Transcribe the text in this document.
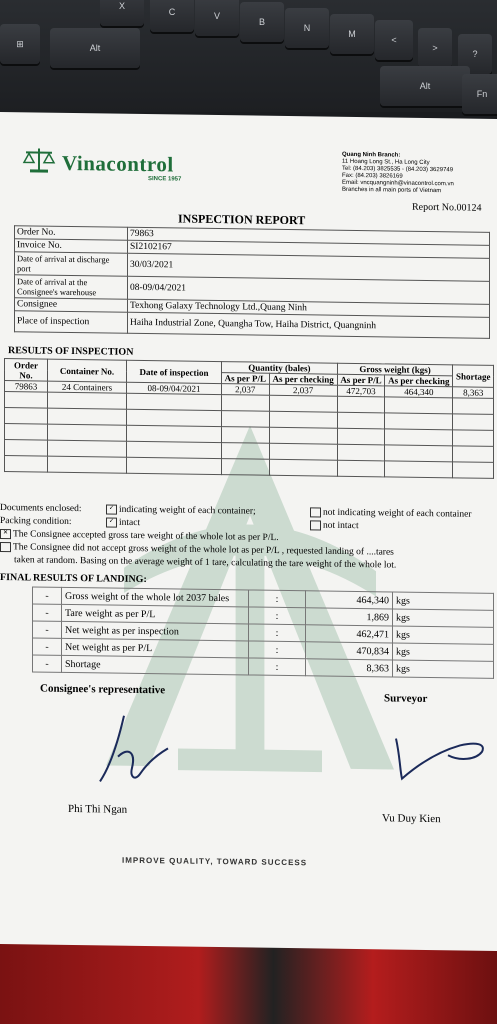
X
C	V
B
N
M
<
>
?
⊞	Alt
Alt
Fn
Vinacontrol
SINCE 1957
Quang Ninh Branch:
11 Hoang Long St., Ha Long City
Tel: (84.203) 3825535 - (84.203) 3629749
Fax: (84.203) 3826169
Email: vncquangninh@vinacontrol.com.vn
Branches in all main ports of Vietnam
Report No.00124
INSPECTION REPORT
Order No.	79863
Invoice No.	SI2102167
Date of arrival at discharge port	30/03/2021
Date of arrival at the Consignee's warehouse	08-09/04/2021
Consignee	Texhong Galaxy Technology Ltd.,Quang Ninh
Place of inspection	Haiha Industrial Zone, Quangha Tow, Haiha District, Quangninh
RESULTS OF INSPECTION
Order No.	Container No.	Date of inspection	Quantity (bales)		Gross weight (kgs)		Shortage
			As per P/L	As per checking	As per P/L	As per checking	
79863	24 Containers	08-09/04/2021	2,037	2,037	472,703	464,340	8,363

Documents enclosed:	✓ indicating weight of each container;	not indicating weight of each container
Packing condition:	✓ intact	not intact
✕ The Consignee accepted gross tare weight of the whole lot as per P/L.
The Consignee did not accept gross weight of the whole lot as per P/L , requested landing of ....tares
taken at random. Basing on the average weight of 1 tare, calculating the tare weight of the whole lot.
FINAL RESULTS OF LANDING:
-	Gross weight of the whole lot 2037 bales	:	464,340	kgs
-	Tare weight as per P/L	:	1,869	kgs
-	Net weight as per inspection	:	462,471	kgs
-	Net weight as per P/L	:	470,834	kgs
-	Shortage	:	8,363	kgs
Consignee's representative
Surveyor
Phi Thi Ngan
Vu Duy Kien
IMPROVE QUALITY, TOWARD SUCCESS
